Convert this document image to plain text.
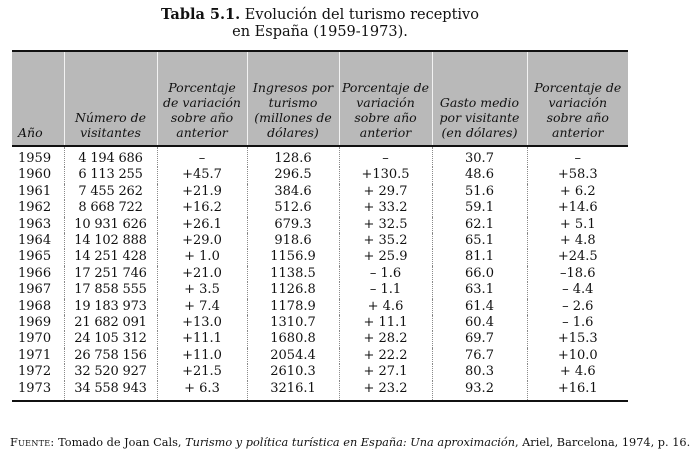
Tabla 5.1. Evolución del turismo receptivo
en España (1959-1973).
Año	Número de visitantes	Porcentaje de variación sobre año anterior	Ingresos por turismo (millones de dólares)	Porcentaje de variación sobre año anterior	Gasto medio por visitante (en dólares)	Porcentaje de variación sobre año anterior
1959	4 194 686	–	128.6	–	30.7	–
1960	6 113 255	+45.7	296.5	+130.5	48.6	+58.3
1961	7 455 262	+21.9	384.6	+ 29.7	51.6	+ 6.2
1962	8 668 722	+16.2	512.6	+ 33.2	59.1	+14.6
1963	10 931 626	+26.1	679.3	+ 32.5	62.1	+ 5.1
1964	14 102 888	+29.0	918.6	+ 35.2	65.1	+ 4.8
1965	14 251 428	+ 1.0	1156.9	+ 25.9	81.1	+24.5
1966	17 251 746	+21.0	1138.5	– 1.6	66.0	–18.6
1967	17 858 555	+ 3.5	1126.8	– 1.1	63.1	– 4.4
1968	19 183 973	+ 7.4	1178.9	+ 4.6	61.4	– 2.6
1969	21 682 091	+13.0	1310.7	+ 11.1	60.4	– 1.6
1970	24 105 312	+11.1	1680.8	+ 28.2	69.7	+15.3
1971	26 758 156	+11.0	2054.4	+ 22.2	76.7	+10.0
1972	32 520 927	+21.5	2610.3	+ 27.1	80.3	+ 4.6
1973	34 558 943	+ 6.3	3216.1	+ 23.2	93.2	+16.1
Fuente: Tomado de Joan Cals, Turismo y política turística en España: Una aproximación, Ariel, Barcelona, 1974, p. 16.
